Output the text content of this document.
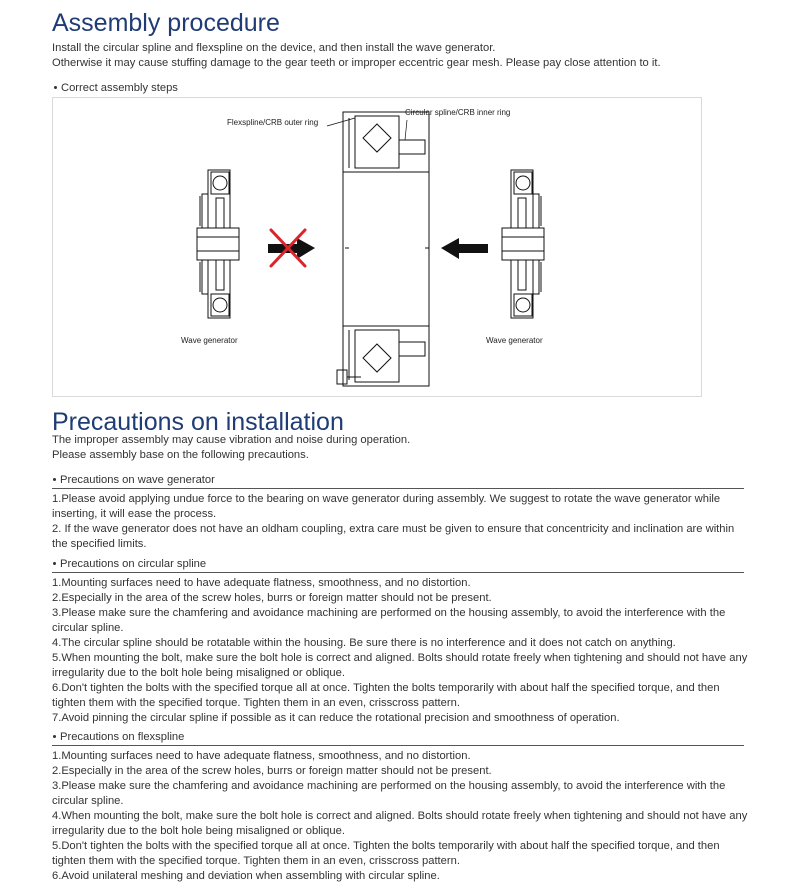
Assembly procedure

Install the circular spline and flexspline on the device, and then install the wave generator.

Otherwise it may cause stuffing damage to the gear teeth or improper eccentric gear mesh. Please pay close attention to it.

Correct assembly steps

Flexspline/CRB outer ring
Circular spline/CRB inner ring
Wave generator	Wave generator
Precautions on installation

The improper assembly may cause vibration and noise during operation.

Please assembly base on the following precautions.

Precautions on wave generator
1.Please avoid applying undue force to the bearing on wave generator during assembly. We suggest to rotate the wave generator while inserting, it will ease the process.
2. If the wave generator does not have an oldham coupling, extra care must be given to ensure that concentricity and inclination are within the specified limits.
Precautions on circular spline
1.Mounting surfaces need to have adequate flatness, smoothness, and no distortion.
2.Especially in the area of the screw holes, burrs or foreign matter should not be present.
3.Please make sure the chamfering and avoidance machining are performed on the housing assembly, to avoid the interference with the circular spline.
4.The circular spline should be rotatable within the housing. Be sure there is no interference and it does not catch on anything.
5.When mounting the bolt, make sure the bolt hole is correct and aligned. Bolts should rotate freely when tightening and should not have any irregularity due to the bolt hole being misaligned or oblique.
6.Don't tighten the bolts with the specified torque all at once. Tighten the bolts temporarily with about half the specified torque, and then tighten them with the specified torque. Tighten them in an even, crisscross pattern.
7.Avoid pinning the circular spline if possible as it can reduce the rotational precision and smoothness of operation.
Precautions on flexspline
1.Mounting surfaces need to have adequate flatness, smoothness, and no distortion.
2.Especially in the area of the screw holes, burrs or foreign matter should not be present.
3.Please make sure the chamfering and avoidance machining are performed on the housing assembly, to avoid the interference with the circular spline.
4.When mounting the bolt, make sure the bolt hole is correct and aligned. Bolts should rotate freely when tightening and should not have any irregularity due to the bolt hole being misaligned or oblique.
5.Don't tighten the bolts with the specified torque all at once. Tighten the bolts temporarily with about half the specified torque, and then tighten them with the specified torque. Tighten them in an even, crisscross pattern.
6.Avoid unilateral meshing and deviation when assembling with circular spline.
